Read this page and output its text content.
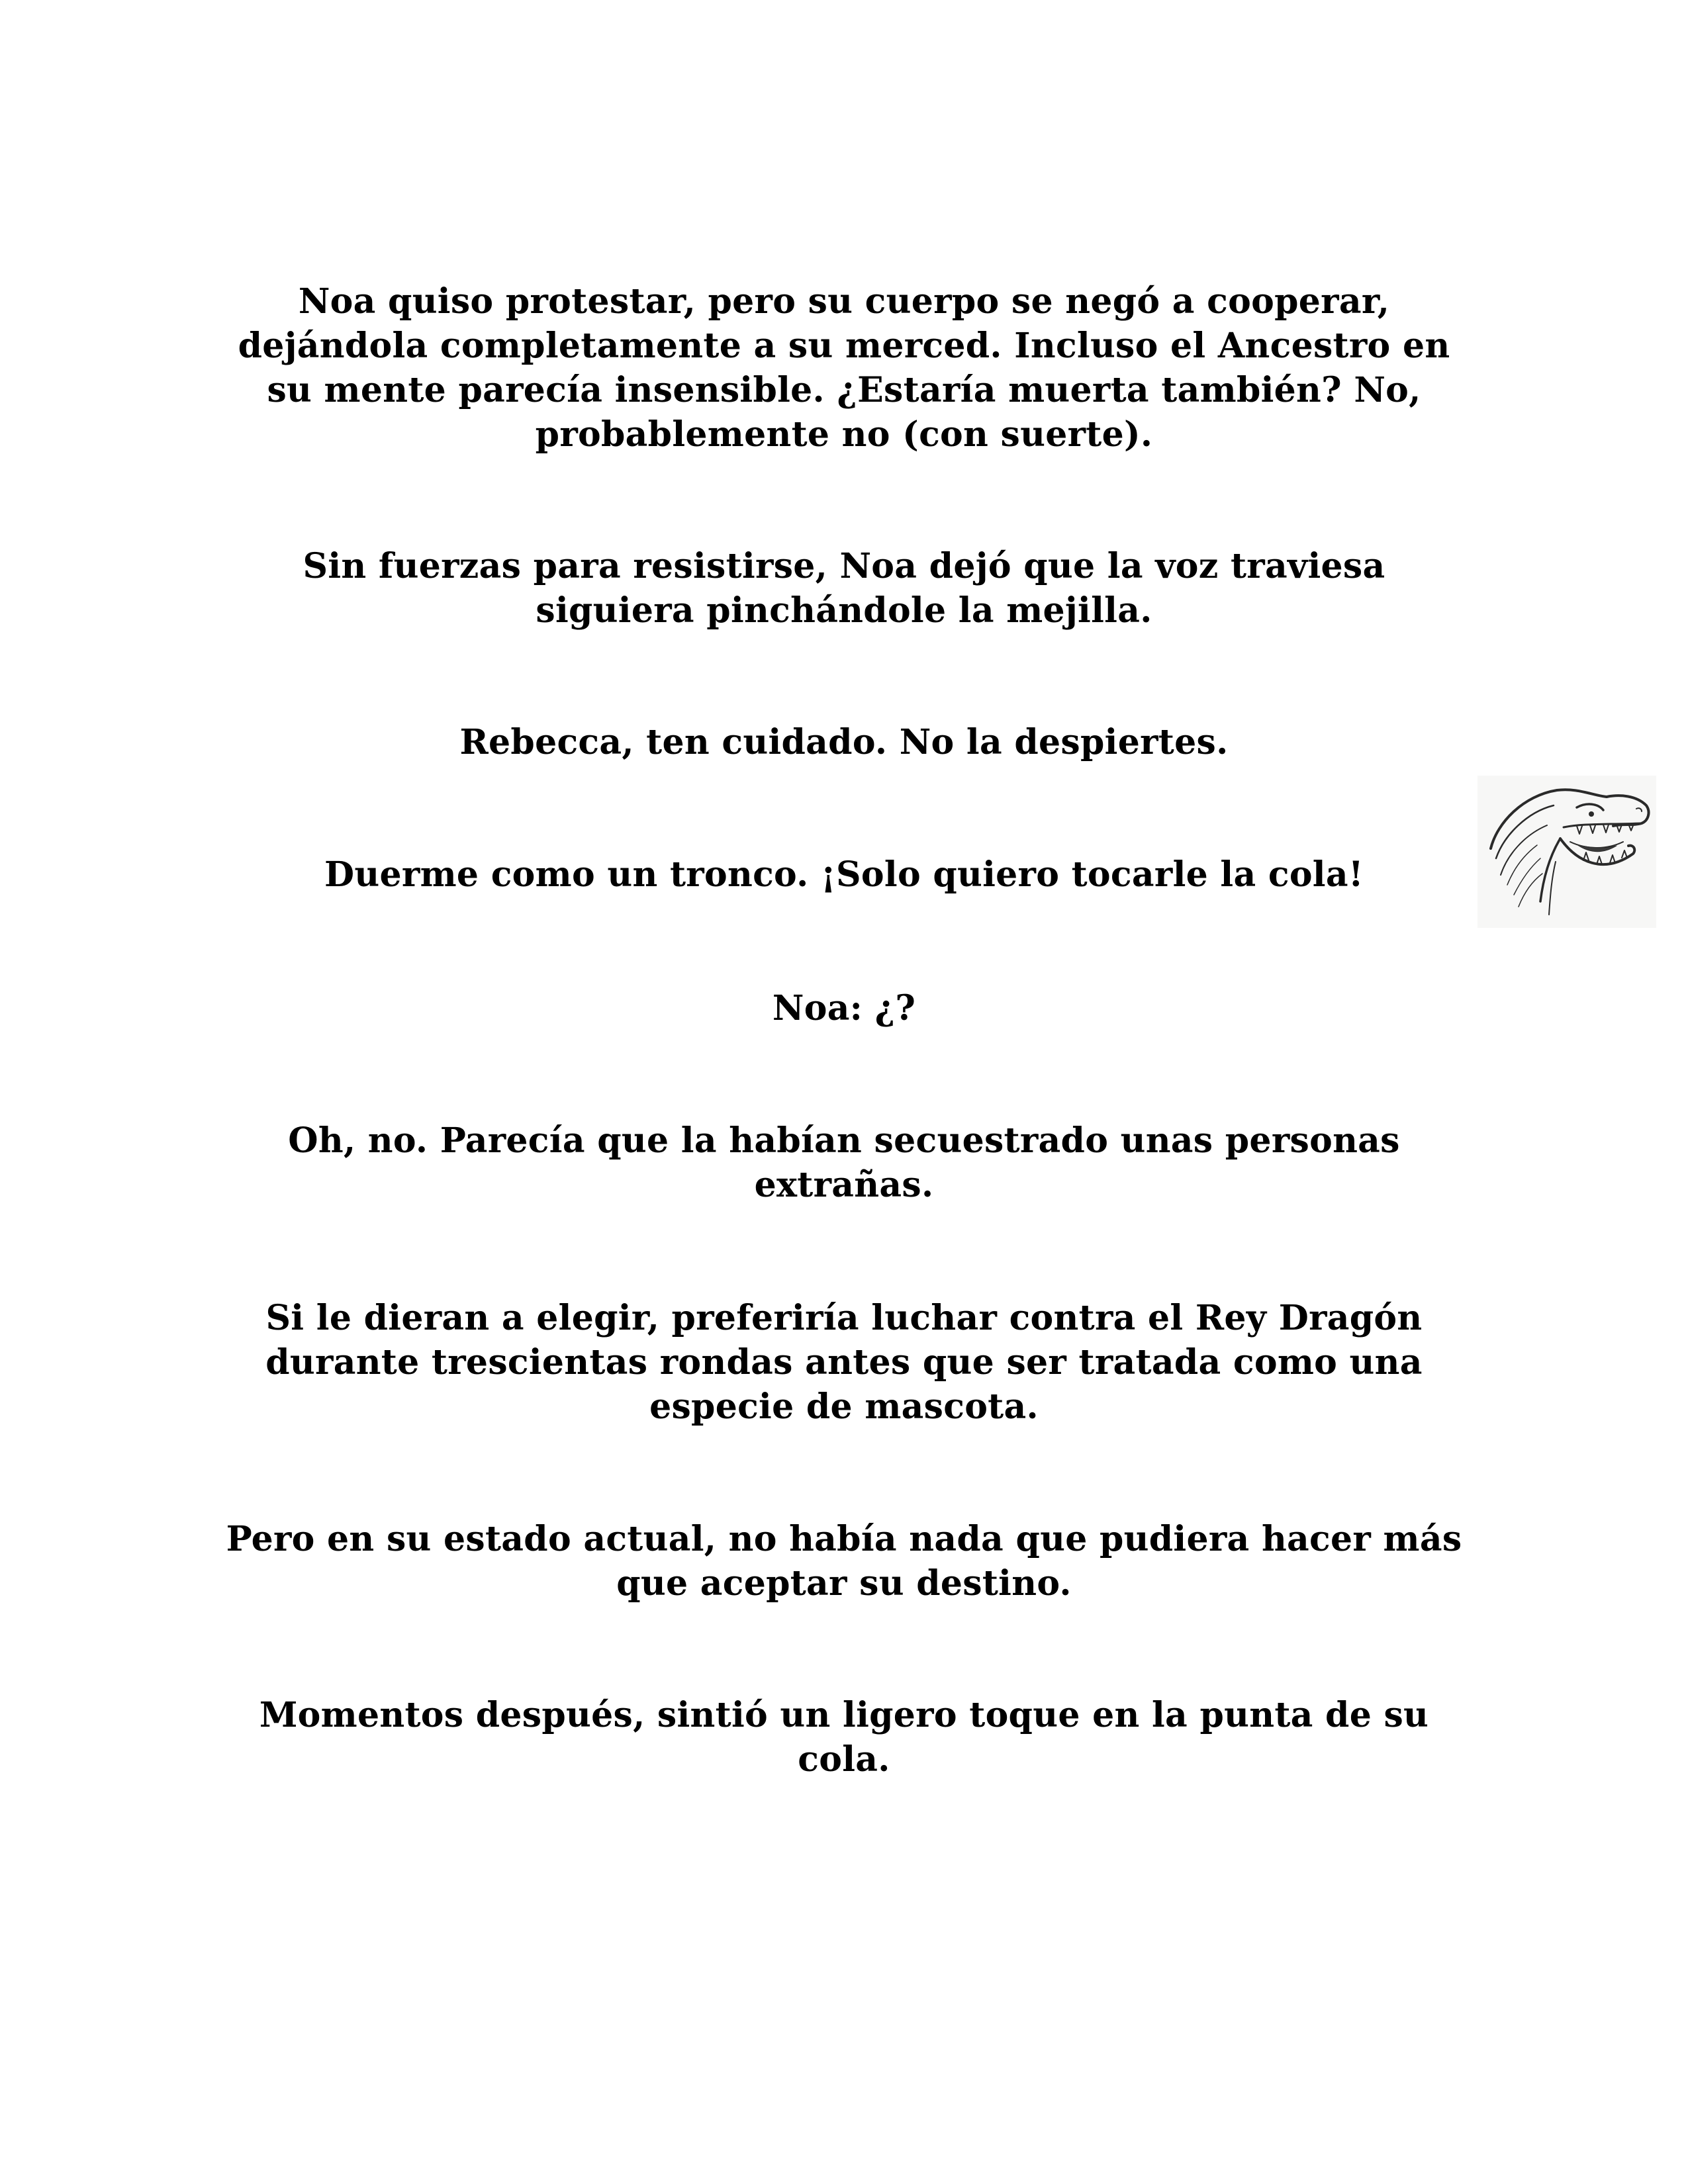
Noa quiso protestar, pero su cuerpo se negó a cooperar,
dejándola completamente a su merced. Incluso el Ancestro en
su mente parecía insensible. ¿Estaría muerta también? No,
probablemente no (con suerte).

Sin fuerzas para resistirse, Noa dejó que la voz traviesa
siguiera pinchándole la mejilla.

Rebecca, ten cuidado. No la despiertes.

Duerme como un tronco. ¡Solo quiero tocarle la cola!

Noa: ¿?

Oh, no. Parecía que la habían secuestrado unas personas
extrañas.

Si le dieran a elegir, preferiría luchar contra el Rey Dragón
durante trescientas rondas antes que ser tratada como una
especie de mascota.

Pero en su estado actual, no había nada que pudiera hacer más
que aceptar su destino.

Momentos después, sintió un ligero toque en la punta de su
cola.
